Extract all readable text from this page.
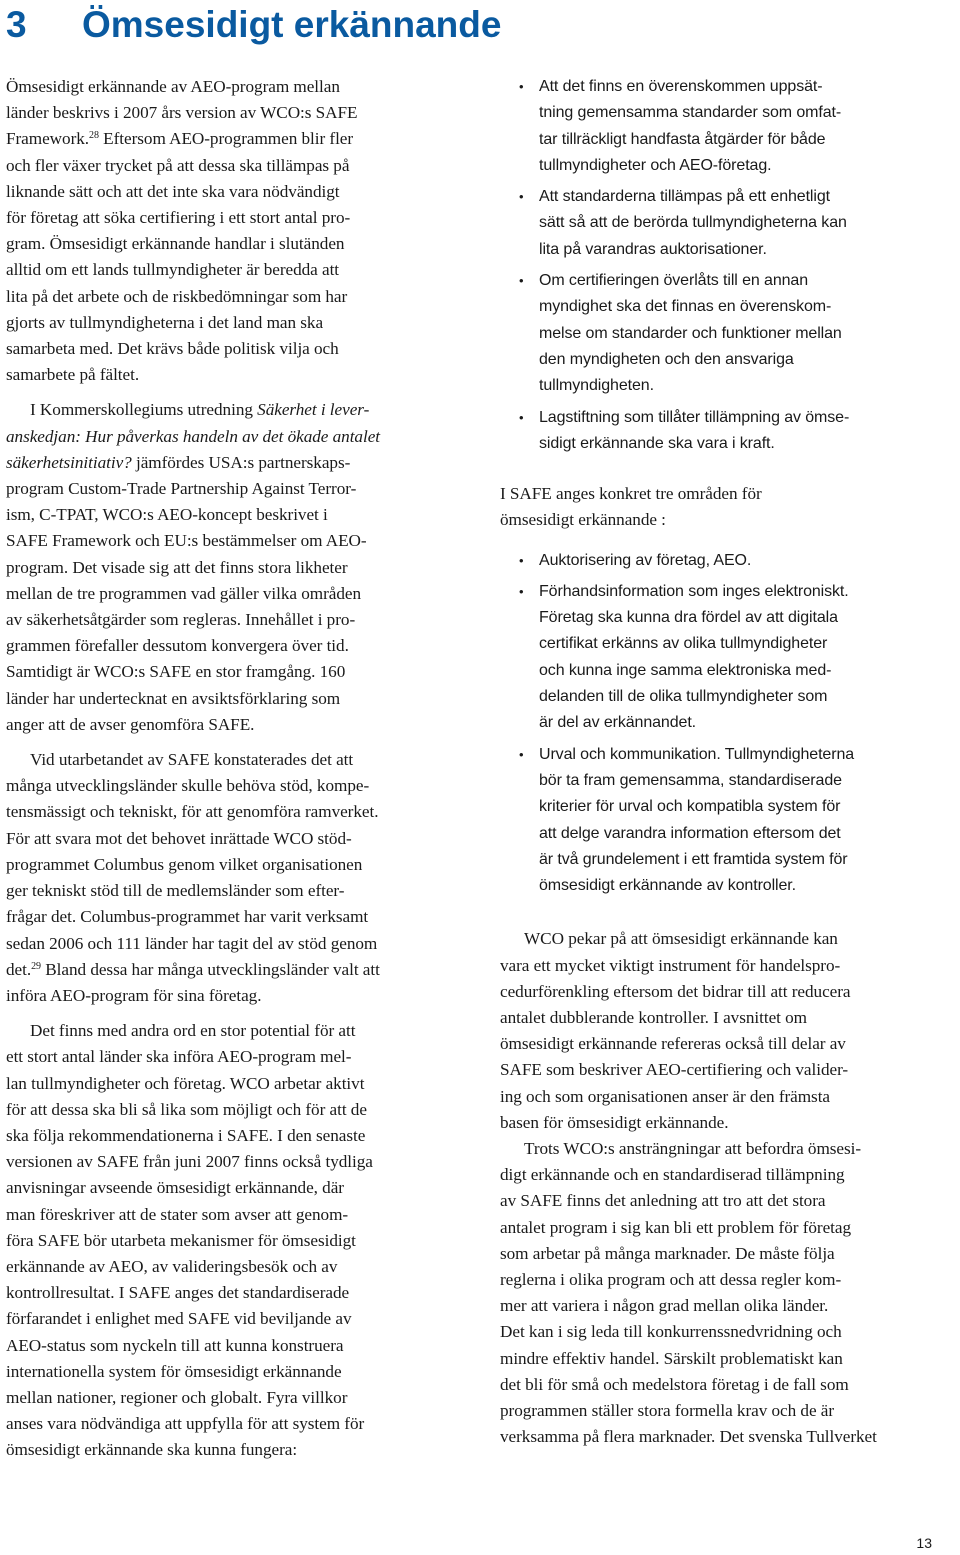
3 Ömsesidigt erkännande

Ömsesidigt erkännande av AEO-program mellan
länder beskrivs i 2007 års version av WCO:s SAFE
Framework.$^{28}$ Eftersom AEO-programmen blir fler
och fler växer trycket på att dessa ska tillämpas på
liknande sätt och att det inte ska vara nödvändigt
för företag att söka certifiering i ett stort antal pro-
gram. Ömsesidigt erkännande handlar i slutänden
alltid om ett lands tullmyndigheter är beredda att
lita på det arbete och de riskbedömningar som har
gjorts av tullmyndigheterna i det land man ska
samarbeta med. Det krävs både politisk vilja och
samarbete på fältet.

I Kommerskollegiums utredning Säkerhet i lever-
anskedjan: Hur påverkas handeln av det ökade antalet
säkerhetsinitiativ? jämfördes USA:s partnerskaps-
program Custom-Trade Partnership Against Terror-
ism, C-TPAT, WCO:s AEO-koncept beskrivet i
SAFE Framework och EU:s bestämmelser om AEO-
program. Det visade sig att det finns stora likheter
mellan de tre programmen vad gäller vilka områden
av säkerhetsåtgärder som regleras. Innehållet i pro-
grammen förefaller dessutom konvergera över tid.
Samtidigt är WCO:s SAFE en stor framgång. 160
länder har undertecknat en avsiktsförklaring som
anger att de avser genomföra SAFE.

Vid utarbetandet av SAFE konstaterades det att
många utvecklingsländer skulle behöva stöd, kompe-
tensmässigt och tekniskt, för att genomföra ramverket.
För att svara mot det behovet inrättade WCO stöd-
programmet Columbus genom vilket organisationen
ger tekniskt stöd till de medlemsländer som efter-
frågar det. Columbus-programmet har varit verksamt
sedan 2006 och 111 länder har tagit del av stöd genom
det.$^{29}$ Bland dessa har många utvecklingsländer valt att
införa AEO-program för sina företag.

Det finns med andra ord en stor potential för att
ett stort antal länder ska införa AEO-program mel-
lan tullmyndigheter och företag. WCO arbetar aktivt
för att dessa ska bli så lika som möjligt och för att de
ska följa rekommendationerna i SAFE. I den senaste
versionen av SAFE från juni 2007 finns också tydliga
anvisningar avseende ömsesidigt erkännande, där
man föreskriver att de stater som avser att genom-
föra SAFE bör utarbeta mekanismer för ömsesidigt
erkännande av AEO, av valideringsbesök och av
kontrollresultat. I SAFE anges det standardiserade
förfarandet i enlighet med SAFE vid beviljande av
AEO-status som nyckeln till att kunna konstruera
internationella system för ömsesidigt erkännande
mellan nationer, regioner och globalt. Fyra villkor
anses vara nödvändiga att uppfylla för att system för
ömsesidigt erkännande ska kunna fungera:

• Att det finns en överenskommen uppsät-
tning gemensamma standarder som omfat-
tar tillräckligt handfasta åtgärder för både
tullmyndigheter och AEO-företag.
• Att standarderna tillämpas på ett enhetligt
sätt så att de berörda tullmyndigheterna kan
lita på varandras auktorisationer.
• Om certifieringen överlåts till en annan
myndighet ska det finnas en överenskom-
melse om standarder och funktioner mellan
den myndigheten och den ansvariga
tullmyndigheten.
• Lagstiftning som tillåter tillämpning av ömse-
sidigt erkännande ska vara i kraft.

I SAFE anges konkret tre områden för
ömsesidigt erkännande :

• Auktorisering av företag, AEO.
• Förhandsinformation som inges elektroniskt.
Företag ska kunna dra fördel av att digitala
certifikat erkänns av olika tullmyndigheter
och kunna inge samma elektroniska med-
delanden till de olika tullmyndigheter som
är del av erkännandet.
• Urval och kommunikation. Tullmyndigheterna
bör ta fram gemensamma, standardiserade
kriterier för urval och kompatibla system för
att delge varandra information eftersom det
är två grundelement i ett framtida system för
ömsesidigt erkännande av kontroller.

WCO pekar på att ömsesidigt erkännande kan
vara ett mycket viktigt instrument för handelspro-
cedurförenkling eftersom det bidrar till att reducera
antalet dubblerande kontroller. I avsnittet om
ömsesidigt erkännande refereras också till delar av
SAFE som beskriver AEO-certifiering och valider-
ing och som organisationen anser är den främsta
basen för ömsesidigt erkännande.

Trots WCO:s ansträngningar att befordra ömsesi-
digt erkännande och en standardiserad tillämpning
av SAFE finns det anledning att tro att det stora
antalet program i sig kan bli ett problem för företag
som arbetar på många marknader. De måste följa
reglerna i olika program och att dessa regler kom-
mer att variera i någon grad mellan olika länder.
Det kan i sig leda till konkurrenssnedvridning och
mindre effektiv handel. Särskilt problematiskt kan
det bli för små och medelstora företag i de fall som
programmen ställer stora formella krav och de är
verksamma på flera marknader. Det svenska Tullverket

13
